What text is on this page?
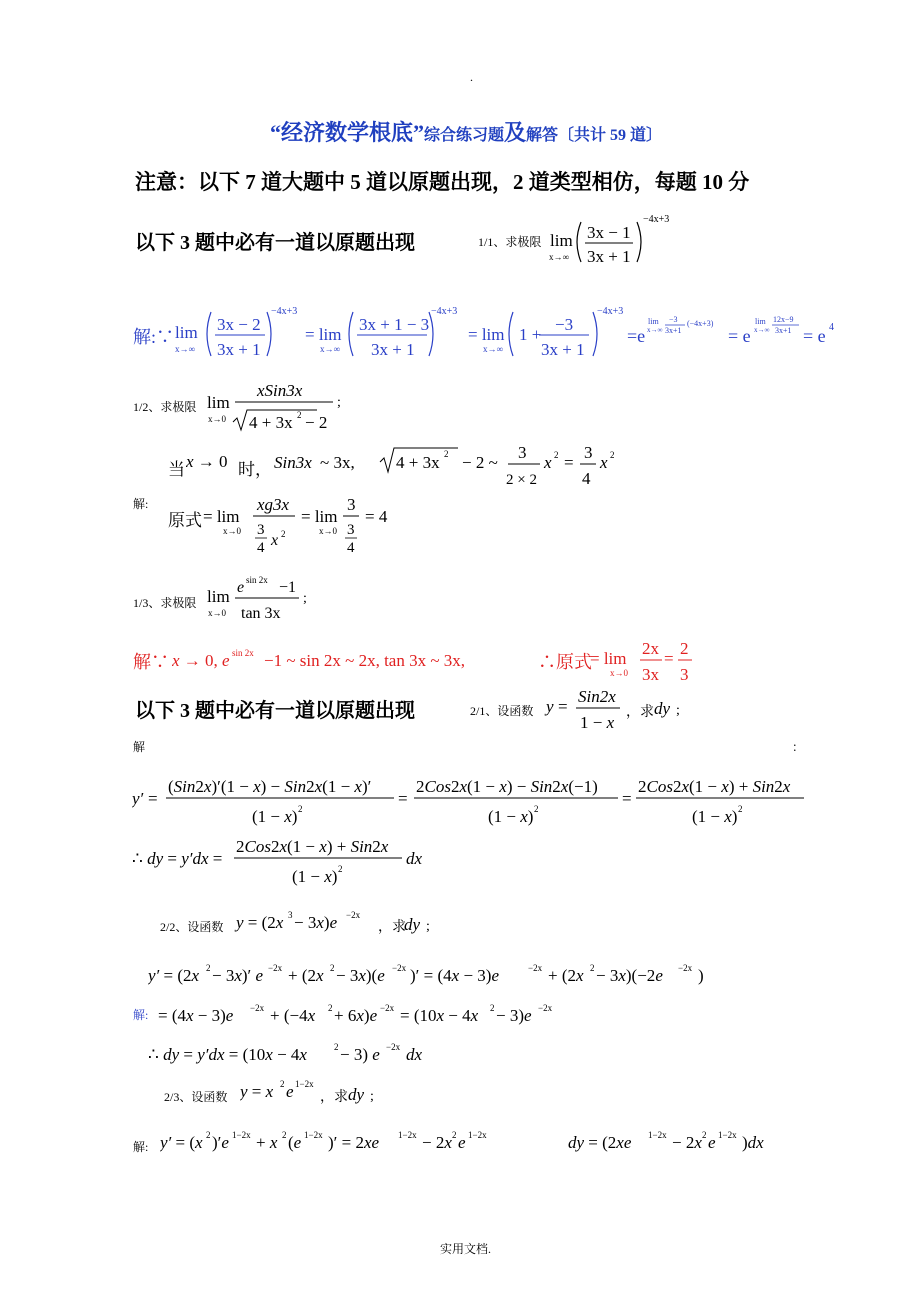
.
“经济数学根底”综合练习题及解答〔共计 59 道〕
注意：以下 7 道大题中 5 道以原题出现，2 道类型相仿，每题 10 分
以下 3 题中必有一道以原题出现	1/1、求极限 lim
x→∞
3x − 1
3x + 1
−4x+3
解:∵ lim
x→∞
3x − 2
3x + 1
−4x+3
= lim
x→∞
3x + 1 − 3
3x + 1
−4x+3
= lim
x→∞
1 +
−3
3x + 1
−4x+3
=e
lim
x→∞
−3
3x+1
(−4x+3)
= e
lim
x→∞
12x−9
3x+1 = e 4
1/2、求极限 lim
x→0
xSin3x
4 + 3x 2 − 2
;
当 x → 0 时， Sin3x ~ 3x, 4 + 3x 2 − 2 ~
3
2 × 2
x 2 =
3
4
x 2
解:
原式 = lim
x→0
xg3x
3
4 x 2
= lim
x→0
3
3
4
= 4
1/3、求极限 lim
x→0
e sin 2x −1
tan 3x
;
解∵ x → 0, e sin 2x −1 ~ sin 2x ~ 2x, tan 3x ~ 3x,	∴原式
= lim
x→0
2x
3x
=
2
3
以下 3 题中必有一道以原题出现	2/1、设函数 y =
Sin2x
1 − x
，求 dy ;
解	：
y′ =
(Sin2x)′(1 − x) − Sin2x(1 − x)′
(1 − x) 2
=
2Cos2x(1 − x) − Sin2x(−1)
(1 − x) 2
=
2Cos2x(1 − x) + Sin2x
(1 − x) 2
∴ dy = y′dx =
2Cos2x(1 − x) + Sin2x
(1 − x) 2
dx
2/2、设函数 y = (2x 3 − 3x)e −2x
，求
dy ;
y′ = (2x 2 − 3x)′ e −2x + (2x 2 − 3x)(e −2x )′ = (4x − 3)e	−2x + (2x 2 − 3x)(−2e −2x )
解: = (4x − 3)e −2x + (−4x 2 + 6x)e −2x = (10x − 4x 2 − 3)e −2x
∴ dy = y′dx = (10x − 4x	2 − 3) e −2x dx
2/3、设函数 y = x 2 e 1−2x
，求 dy ;
解: y′ = (x 2 )′e 1−2x + x 2 (e 1−2x )′ = 2xe 1−2x − 2x 2 e 1−2x	dy = (2xe 1−2x − 2x 2 e 1−2x )dx
实用文档.
